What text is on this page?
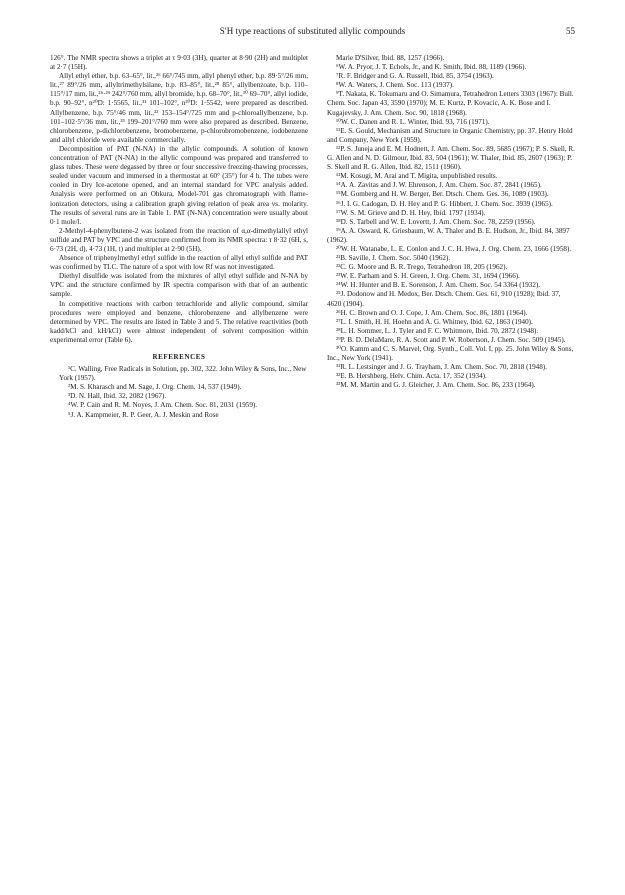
S′H type reactions of substituted allylic compounds	55

126°. The NMR spectra shows a triplet at τ 9·03 (3H), quarter at 8·90 (2H) and multiplet at 2·7 (15H).

Allyl ethyl ether, b.p. 63–65°, lit.,²⁶ 66°/745 mm, allyl phenyl ether, b.p. 89·5°/26 mm, lit.,²⁷ 89°/26 mm, allyltrimethylsilane, b.p. 83–85°, lit.,²⁸ 85°, allylbenzoate, b.p. 110–115°/17 mm, lit.,²⁶·²⁹ 242°/760 mm, allyl bromide, b.p. 68–70°, lit.,³⁰ 69–70°, allyl iodide, b.p. 90–92°, n²⁰D: 1·5565, lit.,³¹ 101–102°, n²⁰D: 1·5542, were prepared as described. Allylbenzene, b.p. 75°/46 mm, lit.,³² 153–154°/725 mm and p-chloroallylbenzene, b.p. 101–102·5°/36 mm, lit.,³³ 199–201°/760 mm were also prepared as described. Benzene, chlorobenzene, p-dichlorobenzene, bromobenzene, p-chlorobromobenzene, iodobenzene and allyl chloride were available commercially.

Decomposition of PAT (N-NA) in the allylic compounds. A solution of known concentration of PAT (N-NA) in the allylic compound was prepared and transferred to glass tubes. These were degassed by three or four successive freezing-thawing processes, sealed under vacuum and immersed in a thermostat at 60° (35°) for 4 h. The tubes were cooled in Dry Ice-acetone opened, and an internal standard for VPC analysis added. Analysis were performed on an Ohkura, Model-701 gas chromatograph with flame-ionization detectors, using a calibration graph giving relation of peak area vs. molarity. The results of several runs are in Table 1. PAT (N-NA) concentration were usually about 0·1 mole/l.

2-Methyl-4-phenylbutene-2 was isolated from the reaction of α,α-dimethylallyl ethyl sulfide and PAT by VPC and the structure confirmed from its NMR spectra: τ 8·32 (6H, s, 6·73 (2H, d), 4·73 (1H, t) and multiplet at 2·90 (5H).

Absence of triphenylmethyl ethyl sulfide in the reaction of allyl ethyl sulfide and PAT was confirmed by TLC. The nature of a spot with low Rf was not investigated.

Diethyl disulfide was isolated from the mixtures of allyl ethyl sulfide and N-NA by VPC and the structure confirmed by IR spectra comparison with that of an authentic sample.

In competitive reactions with carbon tetrachloride and allylic compound, similar procedures were employed and benzene, chlorobenzene and allylbenzene were determined by VPC. The results are listed in Table 3 and 5. The relative reactivities (both kadd/kCl and kH/kCl) were almost independent of solvent composition within experimental error (Table 6).

REFERENCES

¹C. Walling, Free Radicals in Solution, pp. 302, 322. John Wiley & Sons, Inc., New York (1957).

²M. S. Kharasch and M. Sage, J. Org. Chem. 14, 537 (1949).

³D. N. Hall, Ibid. 32, 2082 (1967).

⁴W. P. Cain and R. M. Noyes, J. Am. Chem. Soc. 81, 2031 (1959).

⁵J. A. Kampmeier, R. P. Geer, A. J. Meskin and Rose

Marie D'Silver, Ibid. 88, 1257 (1966).

⁶W. A. Pryor, J. T. Echols, Jr., and K. Smith, Ibid. 88, 1189 (1966).

⁷R. F. Bridger and G. A. Russell, Ibid. 85, 3754 (1963).

⁸W. A. Waters, J. Chem. Soc. 113 (1937).

⁹T. Nakata, K. Tokumaru and O. Simamura, Tetrahedron Letters 3303 (1967): Bull. Chem. Soc. Japan 43, 3590 (1970); M. E. Kurtz, P. Kovacic, A. K. Bose and I. Kugajevsky, J. Am. Chem. Soc. 90, 1818 (1968).

¹⁰W. C. Danen and R. L. Winter, Ibid. 93, 716 (1971).

¹¹E. S. Gould, Mechanism and Structure in Organic Chemistry, pp. 37. Henry Hold and Company, New York (1959).

¹²P. S. Juneja and E. M. Hodnett, J. Am. Chem. Soc. 89, 5685 (1967); P. S. Skell, R. G. Allen and N. D. Gilmour, Ibid. 83, 504 (1961); W. Thaler, Ibid. 85, 2607 (1963); P. S. Skell and R. G. Allen, Ibid. 82, 1511 (1960).

¹³M. Kosugi, M. Arai and T. Migita, unpublished results.

¹⁴A. A. Zavitas and J. W. Ehrenson, J. Am. Chem. Soc. 87, 2841 (1965).

¹⁵M. Gomberg and H. W. Berger, Ber. Dtsch. Chem. Ges. 36, 1089 (1903).

¹⁶J. I. G. Cadogan, D. H. Hey and P. G. Hibbert, J. Chem. Soc. 3939 (1965).

¹⁷W. S. M. Grieve and D. H. Hey, Ibid. 1797 (1934).

¹⁸D. S. Tarbell and W. E. Lovertt, J. Am. Chem. Soc. 78, 2259 (1956).

¹⁹A. A. Osward, K. Griesbaum, W. A. Thaler and B. E. Hudson, Jr., Ibid. 84, 3897 (1962).

²⁰W. H. Watanabe, L. E. Conlon and J. C. H. Hwa, J. Org. Chem. 23, 1666 (1958).

²¹B. Saville, J. Chem. Soc. 5040 (1962).

²²C. G. Moore and B. R. Trego, Tetrahedron 18, 205 (1962).

²³W. E. Parham and S. H. Green, J. Org. Chem. 31, 1694 (1966).

²⁴W. H. Hunter and B. E. Sorenson, J. Am. Chem. Soc. 54 3364 (1932).

²⁵J. Dodonow and H. Medox, Ber. Dtsch. Chem. Ges. 61, 910 (1928); Ibid. 37, 4620 (1904).

²⁶H. C. Brown and O. J. Cope, J. Am. Chem. Soc. 86, 1801 (1964).

²⁷L. I. Smith, H. H. Hoehn and A. G. Whitney, Ibid. 62, 1863 (1940).

²⁸L. H. Sommer, L. J. Tyler and F. C. Whitmore, Ibid. 70, 2872 (1948).

²⁹P. B. D. DelaMare, R. A. Scott and P. W. Robertson, J. Chem. Soc. 509 (1945).

³⁰O. Kamm and C. S. Marvel, Org. Synth., Coll. Vol. I, pp. 25. John Wiley & Sons, Inc., New York (1941).

³¹R. L. Lestsinger and J. G. Trayham, J. Am. Chem. Soc. 70, 2818 (1948).

³²E. B. Hershberg, Helv. Chim. Acta. 17, 352 (1934).

³³M. M. Martin and G. J. Gleicher, J. Am. Chem. Soc. 86, 233 (1964).
